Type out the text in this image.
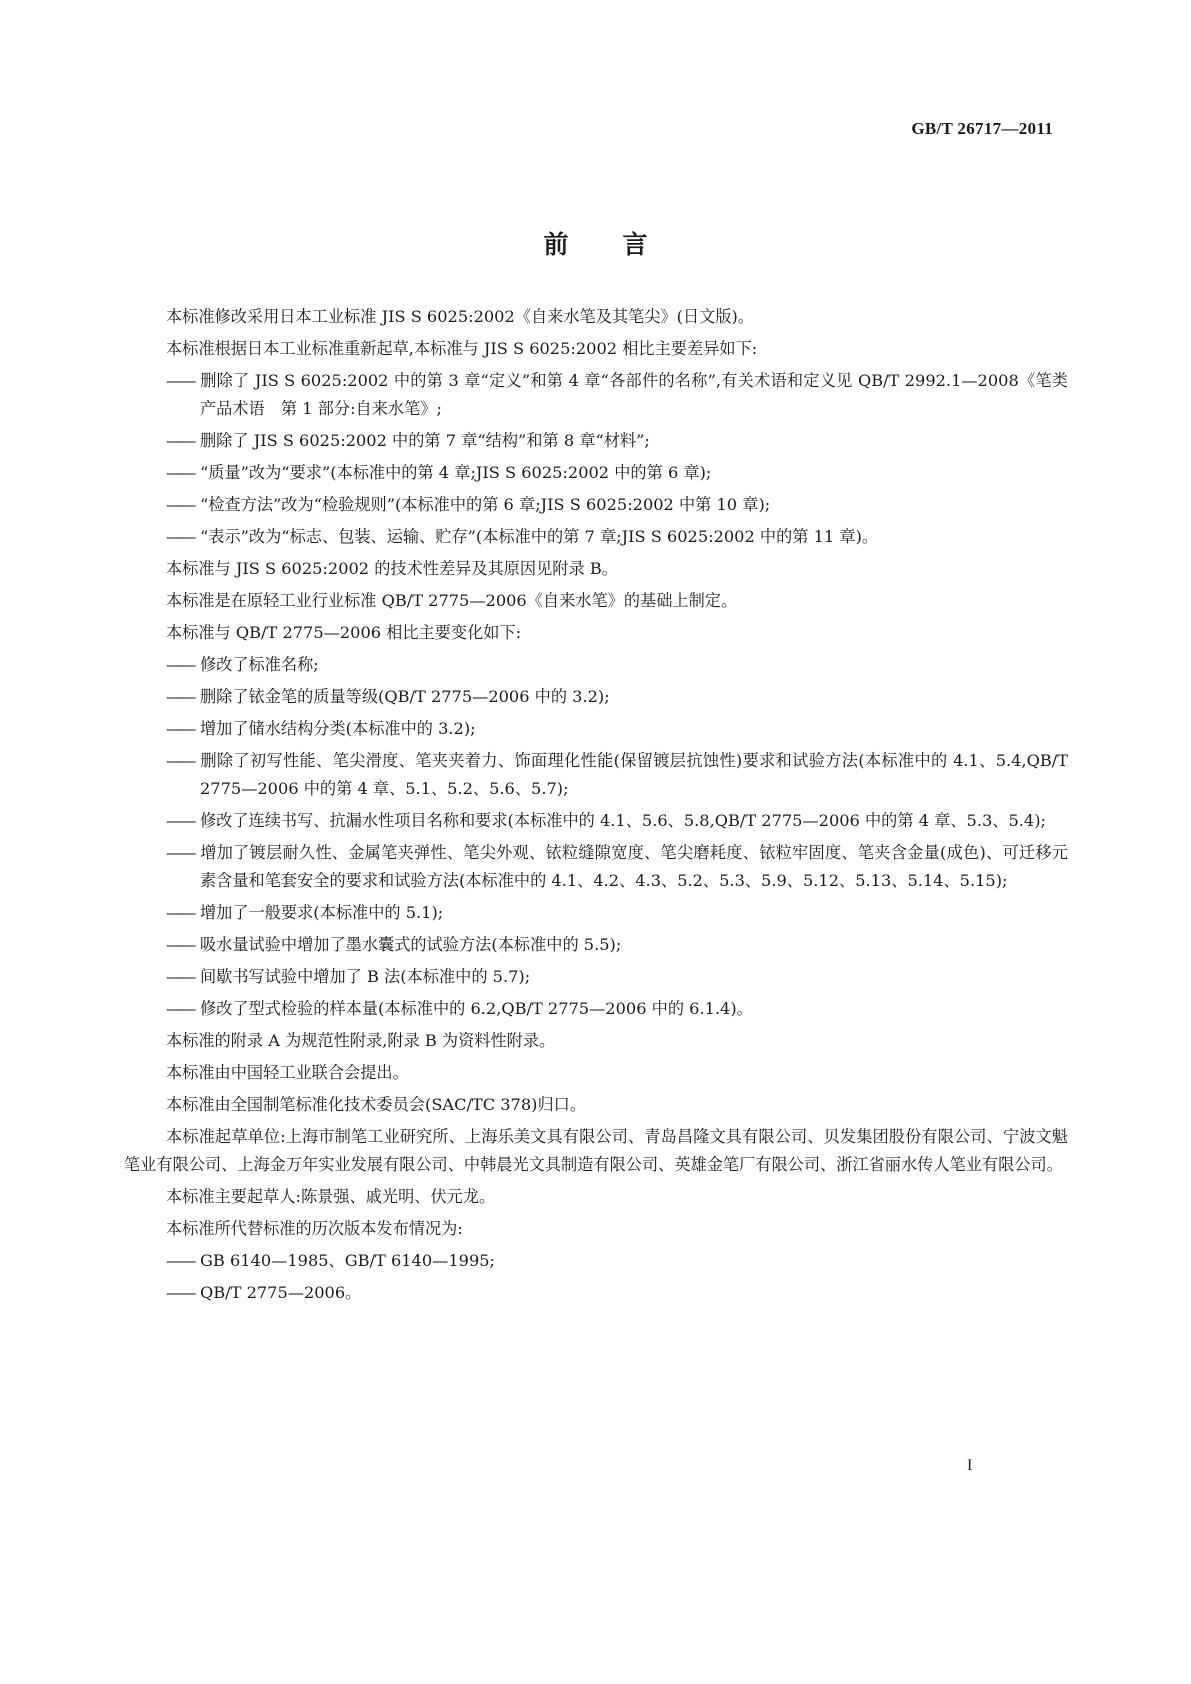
GB/T 26717—2011
前 言
本标准修改采用日本工业标准 JIS S 6025:2002《自来水笔及其笔尖》(日文版)。
本标准根据日本工业标准重新起草,本标准与 JIS S 6025:2002 相比主要差异如下:
—— 删除了 JIS S 6025:2002 中的第 3 章“定义”和第 4 章“各部件的名称”,有关术语和定义见 QB/T 2992.1—2008《笔类产品术语　第 1 部分:自来水笔》;
—— 删除了 JIS S 6025:2002 中的第 7 章“结构”和第 8 章“材料”;
—— “质量”改为“要求”(本标准中的第 4 章;JIS S 6025:2002 中的第 6 章);
—— “检查方法”改为“检验规则”(本标准中的第 6 章;JIS S 6025:2002 中第 10 章);
—— “表示”改为“标志、包装、运输、贮存”(本标准中的第 7 章;JIS S 6025:2002 中的第 11 章)。
本标准与 JIS S 6025:2002 的技术性差异及其原因见附录 B。
本标准是在原轻工业行业标准 QB/T 2775—2006《自来水笔》的基础上制定。
本标准与 QB/T 2775—2006 相比主要变化如下:
—— 修改了标准名称;
—— 删除了铱金笔的质量等级(QB/T 2775—2006 中的 3.2);
—— 增加了储水结构分类(本标准中的 3.2);
—— 删除了初写性能、笔尖滑度、笔夹夹着力、饰面理化性能(保留镀层抗蚀性)要求和试验方法(本标准中的 4.1、5.4,QB/T 2775—2006 中的第 4 章、5.1、5.2、5.6、5.7);
—— 修改了连续书写、抗漏水性项目名称和要求(本标准中的 4.1、5.6、5.8,QB/T 2775—2006 中的第 4 章、5.3、5.4);
—— 增加了镀层耐久性、金属笔夹弹性、笔尖外观、铱粒缝隙宽度、笔尖磨耗度、铱粒牢固度、笔夹含金量(成色)、可迁移元素含量和笔套安全的要求和试验方法(本标准中的 4.1、4.2、4.3、5.2、5.3、5.9、5.12、5.13、5.14、5.15);
—— 增加了一般要求(本标准中的 5.1);
—— 吸水量试验中增加了墨水囊式的试验方法(本标准中的 5.5);
—— 间歇书写试验中增加了 B 法(本标准中的 5.7);
—— 修改了型式检验的样本量(本标准中的 6.2,QB/T 2775—2006 中的 6.1.4)。
本标准的附录 A 为规范性附录,附录 B 为资料性附录。
本标准由中国轻工业联合会提出。
本标准由全国制笔标准化技术委员会(SAC/TC 378)归口。
本标准起草单位:上海市制笔工业研究所、上海乐美文具有限公司、青岛昌隆文具有限公司、贝发集团股份有限公司、宁波文魁笔业有限公司、上海金万年实业发展有限公司、中韩晨光文具制造有限公司、英雄金笔厂有限公司、浙江省丽水传人笔业有限公司。
本标准主要起草人:陈景强、戚光明、伏元龙。
本标准所代替标准的历次版本发布情况为:
—— GB 6140—1985、GB/T 6140—1995;
—— QB/T 2775—2006。
I
